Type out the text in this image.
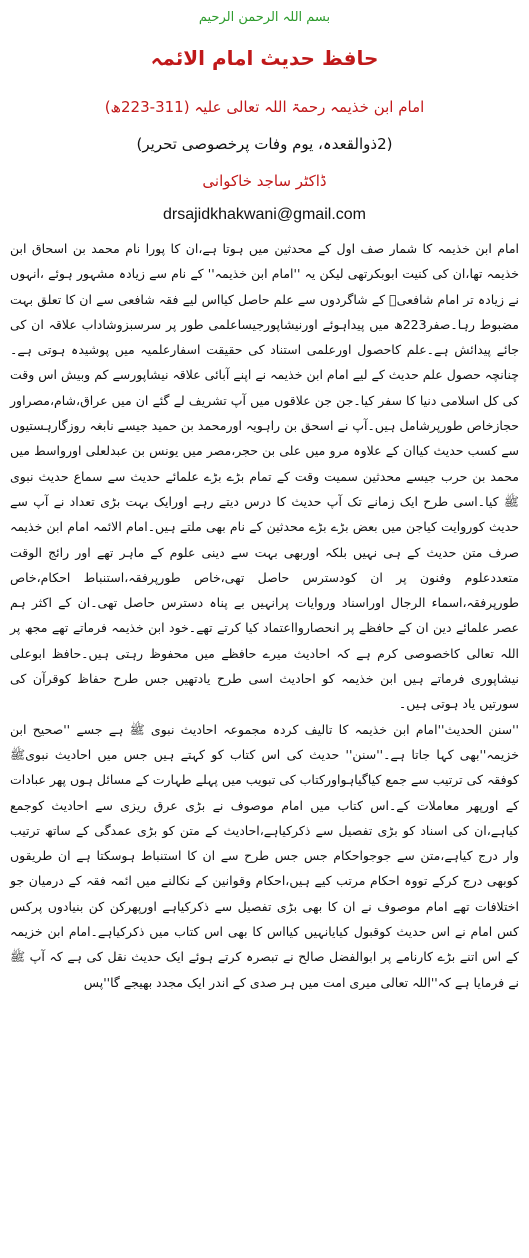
بسم اللہ الرحمن الرحیم
حافظ حدیث امام الائمہ
امام ابن خذیمہ رحمۃ اللہ تعالی علیہ (311-223ھ)
(2ذوالقعدہ، یوم وفات پرخصوصی تحریر)
ڈاکٹر ساجد خاکوانی
drsajidkhakwani@gmail.com

امام ابن خذیمہ کا شمار صف اول کے محدثین میں ہوتا ہے،ان کا پورا نام محمد بن اسحاق ابن خذیمہ تھا،ان کی کنیت ابوبکرتھی لیکن یہ ''امام ابن خذیمہ'' کے نام سے زیادہ مشہور ہوئے ،انہوں نے زیادہ تر امام شافعیؒ کے شاگردوں سے علم حاصل کیااس لیے فقہ شافعی سے ان کا تعلق بہت مضبوط رہا۔صفر223ھ میں پیداہوئے اورنیشاپورجیساعلمی طور پر سرسبزوشاداب علاقہ ان کی جائے پیدائش ہے۔علم کاحصول اورعلمی استناد کی حقیقت اسفارعلمیہ میں پوشیدہ ہوتی ہے۔چنانچہ حصول علم حدیث کے لیے امام ابن خذیمہ نے اپنے آبائی علاقہ نیشاپورسے کم وبیش اس وقت کی کل اسلامی دنیا کا سفر کیا۔جن جن علاقوں میں آپ تشریف لے گئے ان میں عراق،شام،مصراور حجازخاص طورپرشامل ہیں۔آپ نے اسحق بن راہویہ اورمحمد بن حمید جیسے نابغہ روزگارہستیوں سے کسب حدیث کیاان کے علاوہ مرو میں علی بن حجر،مصر میں یونس بن عبدلعلی اورواسط میں محمد بن حرب جیسے محدثین سمیت وقت کے تمام بڑے بڑے علمائے حدیث سے سماع حدیث نبوی ﷺ کیا۔اسی طرح ایک زمانے تک آپ حدیث کا درس دیتے رہے اورایک بہت بڑی تعداد نے آپ سے حدیث کوروایت کیاجن میں بعض بڑے بڑے محدثین کے نام بھی ملتے ہیں۔امام الائمہ امام ابن خذیمہ صرف متن حدیث کے ہی نہیں بلکہ اوربھی بہت سے دینی علوم کے ماہر تھے اور رائج الوقت متعددعلوم وفنون پر ان کودسترس حاصل تھی،خاص طورپرفقہ،استنباط احکام،خاص طورپرفقہ،اسماء الرجال اوراسناد وروایات پرانہیں بے پناہ دسترس حاصل تھی۔ان کے اکثر ہم عصر علمائے دین ان کے حافظے پر انحصاروااعتماد کیا کرتے تھے۔خود ابن خذیمہ فرماتے تھے مجھ پر اللہ تعالی کاخصوصی کرم ہے کہ احادیث میرے حافظے میں محفوظ رہتی ہیں۔حافظ ابوعلی نیشاپوری فرماتے ہیں ابن خذیمہ کو احادیث اسی طرح یادتھیں جس طرح حفاظ کوقرآن کی سورتیں یاد ہوتی ہیں۔

''سنن الحدیث''امام ابن خذیمہ کا تالیف کردہ مجموعہ احادیث نبوی ﷺ ہے جسے ''صحیح ابن خزیمہ''بھی کہا جاتا ہے۔''سنن'' حدیث کی اس کتاب کو کہتے ہیں جس میں احادیث نبویﷺ کوفقہ کی ترتیب سے جمع کیاگیاہواورکتاب کی تبویب میں پہلے طہارت کے مسائل ہوں پھر عبادات کے اورپھر معاملات کے۔اس کتاب میں امام موصوف نے بڑی عرق ریزی سے احادیث کوجمع کیاہے،ان کی اسناد کو بڑی تفصیل سے ذکرکیاہے،احادیث کے متن کو بڑی عمدگی کے ساتھ ترتیب وار درج کیاہے،متن سے جوجواحکام جس جس طرح سے ان کا استنباط ہوسکتا ہے ان طریقوں کوبھی درج کرکے تووہ احکام مرتب کیے ہیں،احکام وقوانین کے نکالنے میں ائمہ فقہ کے درمیان جو اختلافات تھے امام موصوف نے ان کا بھی بڑی تفصیل سے ذکرکیاہے اورپھرکن کن بنیادوں پرکس کس امام نے اس حدیث کوقبول کیایانہیں کیااس کا بھی اس کتاب میں ذکرکیاہے۔امام ابن خزیمہ کے اس اتنے بڑے کارنامے پر ابوالفضل صالح نے تبصرہ کرتے ہوئے ایک حدیث نقل کی ہے کہ آپ ﷺ نے فرمایا ہے کہ''اللہ تعالی میری امت میں ہر صدی کے اندر ایک مجدد بھیجے گا''پس
